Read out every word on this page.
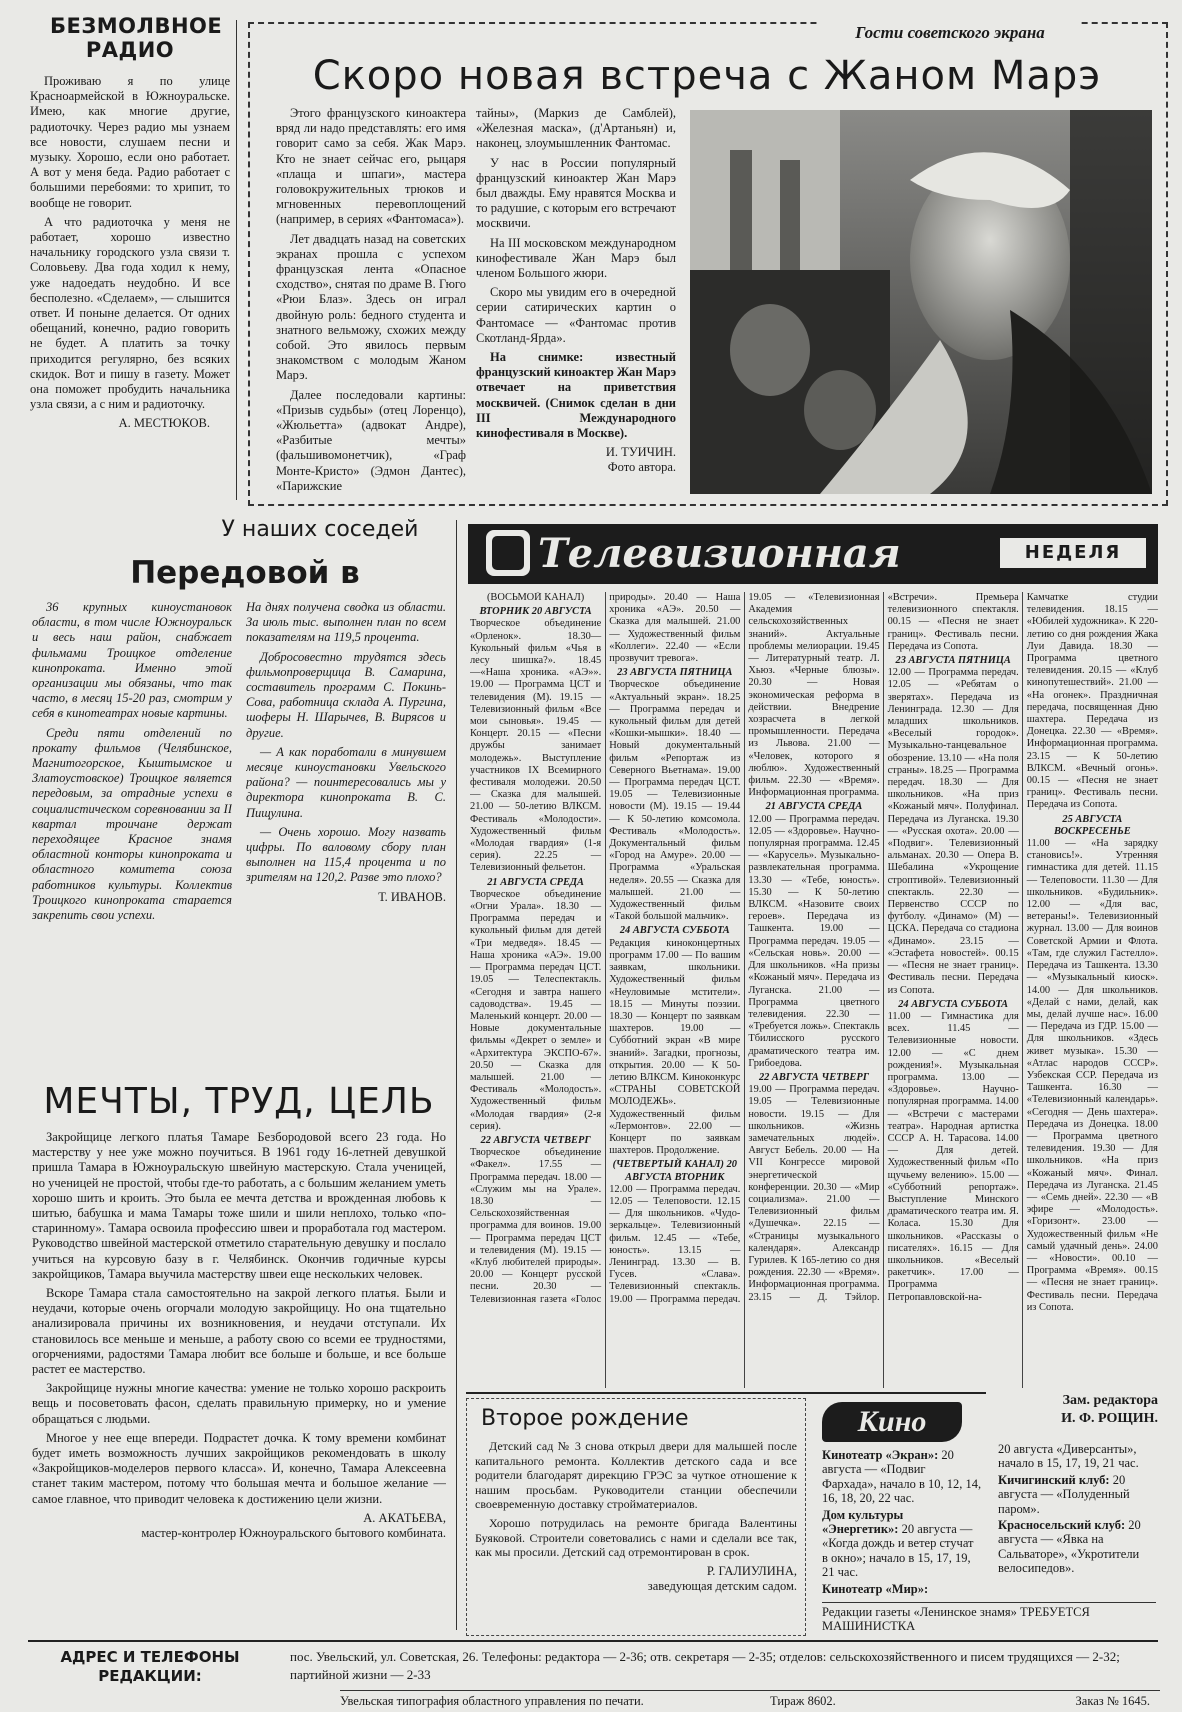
БЕЗМОЛВНОЕ РАДИО

Проживаю я по улице Красноармейской в Южноуральске. Имею, как многие другие, радиоточку. Через радио мы узнаем все новости, слушаем песни и музыку. Хорошо, если оно работает. А вот у меня беда. Радио работает с большими перебоями: то хрипит, то вообще не говорит.

А что радиоточка у меня не работает, хорошо известно начальнику городского узла связи т. Соловьеву. Два года ходил к нему, уже надоедать неудобно. И все бесполезно. «Сделаем», — слышится ответ. И поныне делается. От одних обещаний, конечно, радио говорить не будет. А платить за точку приходится регулярно, без всяких скидок. Вот и пишу в газету. Может она поможет пробудить начальника узла связи, а с ним и радиоточку.

А. МЕСТЮКОВ.

Гости советского экрана
Скоро новая встреча с Жаном Марэ

Этого французского киноактера вряд ли надо представлять: его имя говорит само за себя. Жак Марэ. Кто не знает сейчас его, рыцаря «плаща и шпаги», мастера головокружительных трюков и мгновенных перевоплощений (например, в сериях «Фантомаса»).

Лет двадцать назад на советских экранах прошла с успехом французская лента «Опасное сходство», снятая по драме В. Гюго «Рюи Блаз». Здесь он играл двойную роль: бедного студента и знатного вельможу, схожих между собой. Это явилось первым знакомством с молодым Жаном Марэ.

Далее последовали картины: «Призыв судьбы» (отец Лоренцо), «Жюльетта» (адвокат Андре), «Разбитые мечты» (фальшивомонетчик), «Граф Монте-Кристо» (Эдмон Дантес), «Парижские

тайны», (Маркиз де Самблей), «Железная маска», (д'Артаньян) и, наконец, злоумышленник Фантомас.

У нас в России популярный французский киноактер Жан Марэ был дважды. Ему нравятся Москва и то радушие, с которым его встречают москвичи.

На III московском международном кинофестивале Жан Марэ был членом Большого жюри.

Скоро мы увидим его в очередной серии сатирических картин о Фантомасе — «Фантомас против Скотланд-Ярда».

На снимке: известный французский киноактер Жан Марэ отвечает на приветствия москвичей. (Снимок сделан в дни III Международного кинофестиваля в Москве).

И. ТУИЧИН.

Фото автора.

У наших соседей
Передовой в

36 крупных киноустановок области, в том числе Южноуральск и весь наш район, снабжает фильмами Троицкое отделение кинопроката. Именно этой организации мы обязаны, что так часто, в месяц 15-20 раз, смотрим у себя в кинотеатрах новые картины.

Среди пяти отделений по прокату фильмов (Челябинское, Магнитогорское, Кыштымское и Златоустовское) Троицкое является передовым, за отрадные успехи в социалистическом соревновании за II квартал троичане держат переходящее Красное знамя областной конторы кинопроката и областного комитета союза работников культуры. Коллектив Троицкого кинопроката старается закрепить свои успехи.

На днях получена сводка из области. За июль тыс. выполнен план по всем показателям на 119,5 процента.

Добросовестно трудятся здесь фильмопроверщица В. Самарина, составитель программ С. Покинь-Сова, работница склада А. Пургина, шоферы Н. Шарычев, В. Вирясов и другие.

— А как поработали в минувшем месяце киноустановки Увельского района? — поинтересовались мы у директора кинопроката В. С. Пищулина.

— Очень хорошо. Могу назвать цифры. По валовому сбору план выполнен на 115,4 процента и по зрителям на 120,2. Разве это плохо?

Т. ИВАНОВ.

МЕЧТЫ, ТРУД, ЦЕЛЬ

Закройщице легкого платья Тамаре Безбородовой всего 23 года. Но мастерству у нее уже можно поучиться. В 1961 году 16-летней девушкой пришла Тамара в Южноуральскую швейную мастерскую. Стала ученицей, но ученицей не простой, чтобы где-то работать, а с большим желанием уметь хорошо шить и кроить. Это была ее мечта детства и врожденная любовь к шитью, бабушка и мама Тамары тоже шили и шили неплохо, только «по-старинному». Тамара освоила профессию швеи и проработала год мастером. Руководство швейной мастерской отметило старательную девушку и послало учиться на курсовую базу в г. Челябинск. Окончив годичные курсы закройщиков, Тамара выучила мастерству швеи еще нескольких человек.

Вскоре Тамара стала самостоятельно на закрой легкого платья. Были и неудачи, которые очень огорчали молодую закройщицу. Но она тщательно анализировала причины их возникновения, и неудачи отступали. Их становилось все меньше и меньше, а работу свою со всеми ее трудностями, огорчениями, радостями Тамара любит все больше и больше, и все больше растет ее мастерство.

Закройщице нужны многие качества: умение не только хорошо раскроить вещь и посоветовать фасон, сделать правильную примерку, но и умение обращаться с людьми.

Многое у нее еще впереди. Подрастет дочка. К тому времени комбинат будет иметь возможность лучших закройщиков рекомендовать в школу «Закройщиков-моделеров первого класса». И, конечно, Тамара Алексеевна станет таким мастером, потому что большая мечта и большое желание — самое главное, что приводит человека к достижению цели жизни.

А. АКАТЬЕВА,

мастер-контролер Южноуральского бытового комбината.

Телевизионная	НЕДЕЛЯ

(ВОСЬМОЙ КАНАЛ)

ВТОРНИК 20 АВГУСТА
Творческое объединение «Орленок». 18.30—Кукольный фильм «Чья в лесу шишка?». 18.45 —«Наша хроника. «АЭ»». 19.00 — Программа ЦСТ и телевидения (М). 19.15 — Телевизионный фильм «Все мои сыновья». 19.45 — Концерт. 20.15 — «Песни дружбы занимает молодежь». Выступление участников IX Всемирного фестиваля молодежи. 20.50 — Сказка для малышей. 21.00 — 50-летию ВЛКСМ. Фестиваль «Молодости». Художественный фильм «Молодая гвардия» (1-я серия). 22.25 — Телевизионный фельетон.

21 АВГУСТА СРЕДА
Творческое объединение «Огни Урала». 18.30 — Программа передач и кукольный фильм для детей «Три медведя». 18.45 —Наша хроника «АЭ». 19.00 — Программа передач ЦСТ. 19.05 — Телеспектакль. «Сегодня и завтра нашего садоводства». 19.45 — Маленький концерт. 20.00 — Новые документальные фильмы «Декрет о земле» и «Архитектура ЭКСПО-67». 20.50 — Сказка для малышей. 21.00 — Фестиваль «Молодость». Художественный фильм «Молодая гвардия» (2-я серия).

22 АВГУСТА ЧЕТВЕРГ
Творческое объединение «Факел». 17.55 — Программа передач. 18.00 — «Служим мы на Урале». 18.30 — Сельскохозяйственная программа для воинов. 19.00 — Программа передач ЦСТ и телевидения (М). 19.15 — «Клуб любителей природы». 20.00 — Концерт русской песни. 20.30 — Телевизионная газета «Голос природы». 20.40 — Наша хроника «АЭ». 20.50 — Сказка для малышей. 21.00 — Художественный фильм «Коллеги». 22.40 — «Если прозвучит тревога».

23 АВГУСТА ПЯТНИЦА
Творческое объединение «Актуальный экран». 18.25 — Программа передач и кукольный фильм для детей «Кошки-мышки». 18.40 — Новый документальный фильм «Репортаж из Северного Вьетнама». 19.00 — Программа передач ЦСТ. 19.05 — Телевизионные новости (М). 19.15 — 19.44 — К 50-летию комсомола. Фестиваль «Молодость». Документальный фильм «Город на Амуре». 20.00 — Программа «Уральская неделя». 20.55 — Сказка для малышей. 21.00 — Художественный фильм «Такой большой мальчик».

24 АВГУСТА СУББОТА
Редакция киноконцертных программ 17.00 — По вашим заявкам, школьники. Художественный фильм «Неуловимые мстители». 18.15 — Минуты поэзии. 18.30 — Концерт по заявкам шахтеров. 19.00 — Субботний экран «В мире знаний». Загадки, прогнозы, открытия. 20.00 — К 50-летию ВЛКСМ. Киноконкурс «СТРАНЫ СОВЕТСКОЙ МОЛОДЕЖЬ». Художественный фильм «Лермонтов». 22.00 — Концерт по заявкам шахтеров. Продолжение.

(ЧЕТВЕРТЫЙ КАНАЛ) 20 АВГУСТА ВТОРНИК
12.00 — Программа передач. 12.05 — Телеповости. 12.15 — Для школьников. «Чудо-зеркальце». Телевизионный фильм. 12.45 — «Тебе, юность». 13.15 — Ленинград. 13.30 — В. Гусев. «Слава». Телевизионный спектакль. 19.00 — Программа передач. 19.05 — «Телевизионная Академия сельскохозяйственных знаний». Актуальные проблемы мелиорации. 19.45 — Литературный театр. Л. Хьюз. «Черные блюзы». 20.30 — Новая экономическая реформа в действии. Внедрение хозрасчета в легкой промышленности. Передача из Львова. 21.00 — «Человек, которого я люблю». Художественный фильм. 22.30 — «Время». Информационная программа.

21 АВГУСТА СРЕДА
12.00 — Программа передач. 12.05 — «Здоровье». Научно-популярная программа. 12.45 — «Карусель». Музыкально-развлекательная программа. 13.30 — «Тебе, юность». 15.30 — К 50-летию ВЛКСМ. «Назовите своих героев». Передача из Ташкента. 19.00 — Программа передач. 19.05 — «Сельская новь». 20.00 — Для школьников. «На призы «Кожаный мяч». Передача из Луганска. 21.00 — Программа цветного телевидения. 22.30 — «Требуется ложь». Спектакль Тбилисского русского драматического театра им. Грибоедова.

22 АВГУСТА ЧЕТВЕРГ
19.00 — Программа передач. 19.05 — Телевизионные новости. 19.15 — Для школьников. «Жизнь замечательных людей». Август Бебель. 20.00 — На VII Конгрессе мировой энергетической конференции. 20.30 — «Мир социализма». 21.00 — Телевизионный фильм «Душечка». 22.15 — «Страницы музыкального календаря». Александр Гурилев. К 165-летию со дня рождения. 22.30 — «Время». Информационная программа. 23.15 — Д. Тэйлор. «Встречи». Премьера телевизионного спектакля. 00.15 — «Песня не знает границ». Фестиваль песни. Передача из Сопота.

23 АВГУСТА ПЯТНИЦА
12.00 — Программа передач. 12.05 — «Ребятам о зверятах». Передача из Ленинграда. 12.30 — Для младших школьников. «Веселый городок». Музыкально-танцевальное обозрение. 13.10 — «На поля страны». 18.25 — Программа передач. 18.30 — Для школьников. «На приз «Кожаный мяч». Полуфинал. Передача из Луганска. 19.30 — «Русская охота». 20.00 — «Подвиг». Телевизионный альманах. 20.30 — Опера В. Шебалина «Укрощение строптивой». Телевизионный спектакль. 22.30 — Первенство СССР по футболу. «Динамо» (М) — ЦСКА. Передача со стадиона «Динамо». 23.15 — «Эстафета новостей». 00.15 — «Песня не знает границ». Фестиваль песни. Передача из Сопота.

24 АВГУСТА СУББОТА
11.00 — Гимнастика для всех. 11.45 — Телевизионные новости. 12.00 — «С днем рождения!». Музыкальная программа. 13.00 — «Здоровье». Научно-популярная программа. 14.00 — «Встречи с мастерами театра». Народная артистка СССР А. Н. Тарасова. 14.00 — Для детей. Художественный фильм «По щучьему велению». 15.00 — «Субботний репортаж». Выступление Минского драматического театра им. Я. Коласа. 15.30 Для школьников. «Рассказы о писателях». 16.15 — Для школьников. «Веселый ракетчик». 17.00 — Программа Петропавловской-на-Камчатке студии телевидения. 18.15 — «Юбилей художника». К 220-летию со дня рождения Жака Луи Давида. 18.30 — Программа цветного телевидения. 20.15 — «Клуб кинопутешествий». 21.00 — «На огонек». Праздничная передача, посвященная Дню шахтера. Передача из Донецка. 22.30 — «Время». Информационная программа. 23.15 — К 50-летию ВЛКСМ. «Вечный огонь». 00.15 — «Песня не знает границ». Фестиваль песни. Передача из Сопота.

25 АВГУСТА ВОСКРЕСЕНЬЕ
11.00 — «На зарядку становись!». Утренняя гимнастика для детей. 11.15 — Телеповости. 11.30 — Для школьников. «Будильник». 12.00 — «Для вас, ветераны!». Телевизионный журнал. 13.00 — Для воинов Советской Армии и Флота. «Там, где служил Гастелло». Передача из Ташкента. 13.30 — «Музыкальный киоск». 14.00 — Для школьников. «Делай с нами, делай, как мы, делай лучше нас». 16.00 — Передача из ГДР. 15.00 — Для школьников. «Здесь живет музыка». 15.30 — «Атлас народов СССР». Узбекская ССР. Передача из Ташкента. 16.30 — «Телевизионный календарь». «Сегодня — День шахтера». Передача из Донецка. 18.00 — Программа цветного телевидения. 19.30 — Для школьников. «На приз «Кожаный мяч». Финал. Передача из Луганска. 21.45 — «Семь дней». 22.30 — «В эфире — «Молодость». «Горизонт». 23.00 — Художественный фильм «Не самый удачный день». 24.00 — «Новости». 00.10 — Программа «Время». 00.15 — «Песня не знает границ». Фестиваль песни. Передача из Сопота.

Зам. редактора
И. Ф. РОЩИН.
Второе рождение

Детский сад № 3 снова открыл двери для малышей после капитального ремонта. Коллектив детского сада и все родители благодарят дирекцию ГРЭС за чуткое отношение к нашим просьбам. Руководители станции обеспечили своевременную доставку стройматериалов.

Хорошо потрудилась на ремонте бригада Валентины Буяковой. Строители советовались с нами и сделали все так, как мы просили. Детский сад отремонтирован в срок.

Р. ГАЛИУЛИНА,

заведующая детским садом.

Кино

Кинотеатр «Экран»: 20 августа — «Подвиг Фархада», начало в 10, 12, 14, 16, 18, 20, 22 час.

Дом культуры «Энергетик»: 20 августа — «Когда дождь и ветер стучат в окно»; начало в 15, 17, 19, 21 час.

Кинотеатр «Мир»:

20 августа «Диверсанты», начало в 15, 17, 19, 21 час.

Кичигинский клуб: 20 августа — «Полуденный паром».

Красносельский клуб: 20 августа — «Явка на Сальваторе», «Укротители велосипедов».

Редакции газеты «Ленинское знамя» ТРЕБУЕТСЯ МАШИНИСТКА
АДРЕС И ТЕЛЕФОНЫ РЕДАКЦИИ:
пос. Увельский, ул. Советская, 26. Телефоны: редактора — 2-36; отв. секретаря — 2-35; отделов: сельскохозяйственного и писем трудящихся — 2-32; партийной жизни — 2-33
Увельская типография областного управления по печати.	Тираж 8602.	Заказ № 1645.
